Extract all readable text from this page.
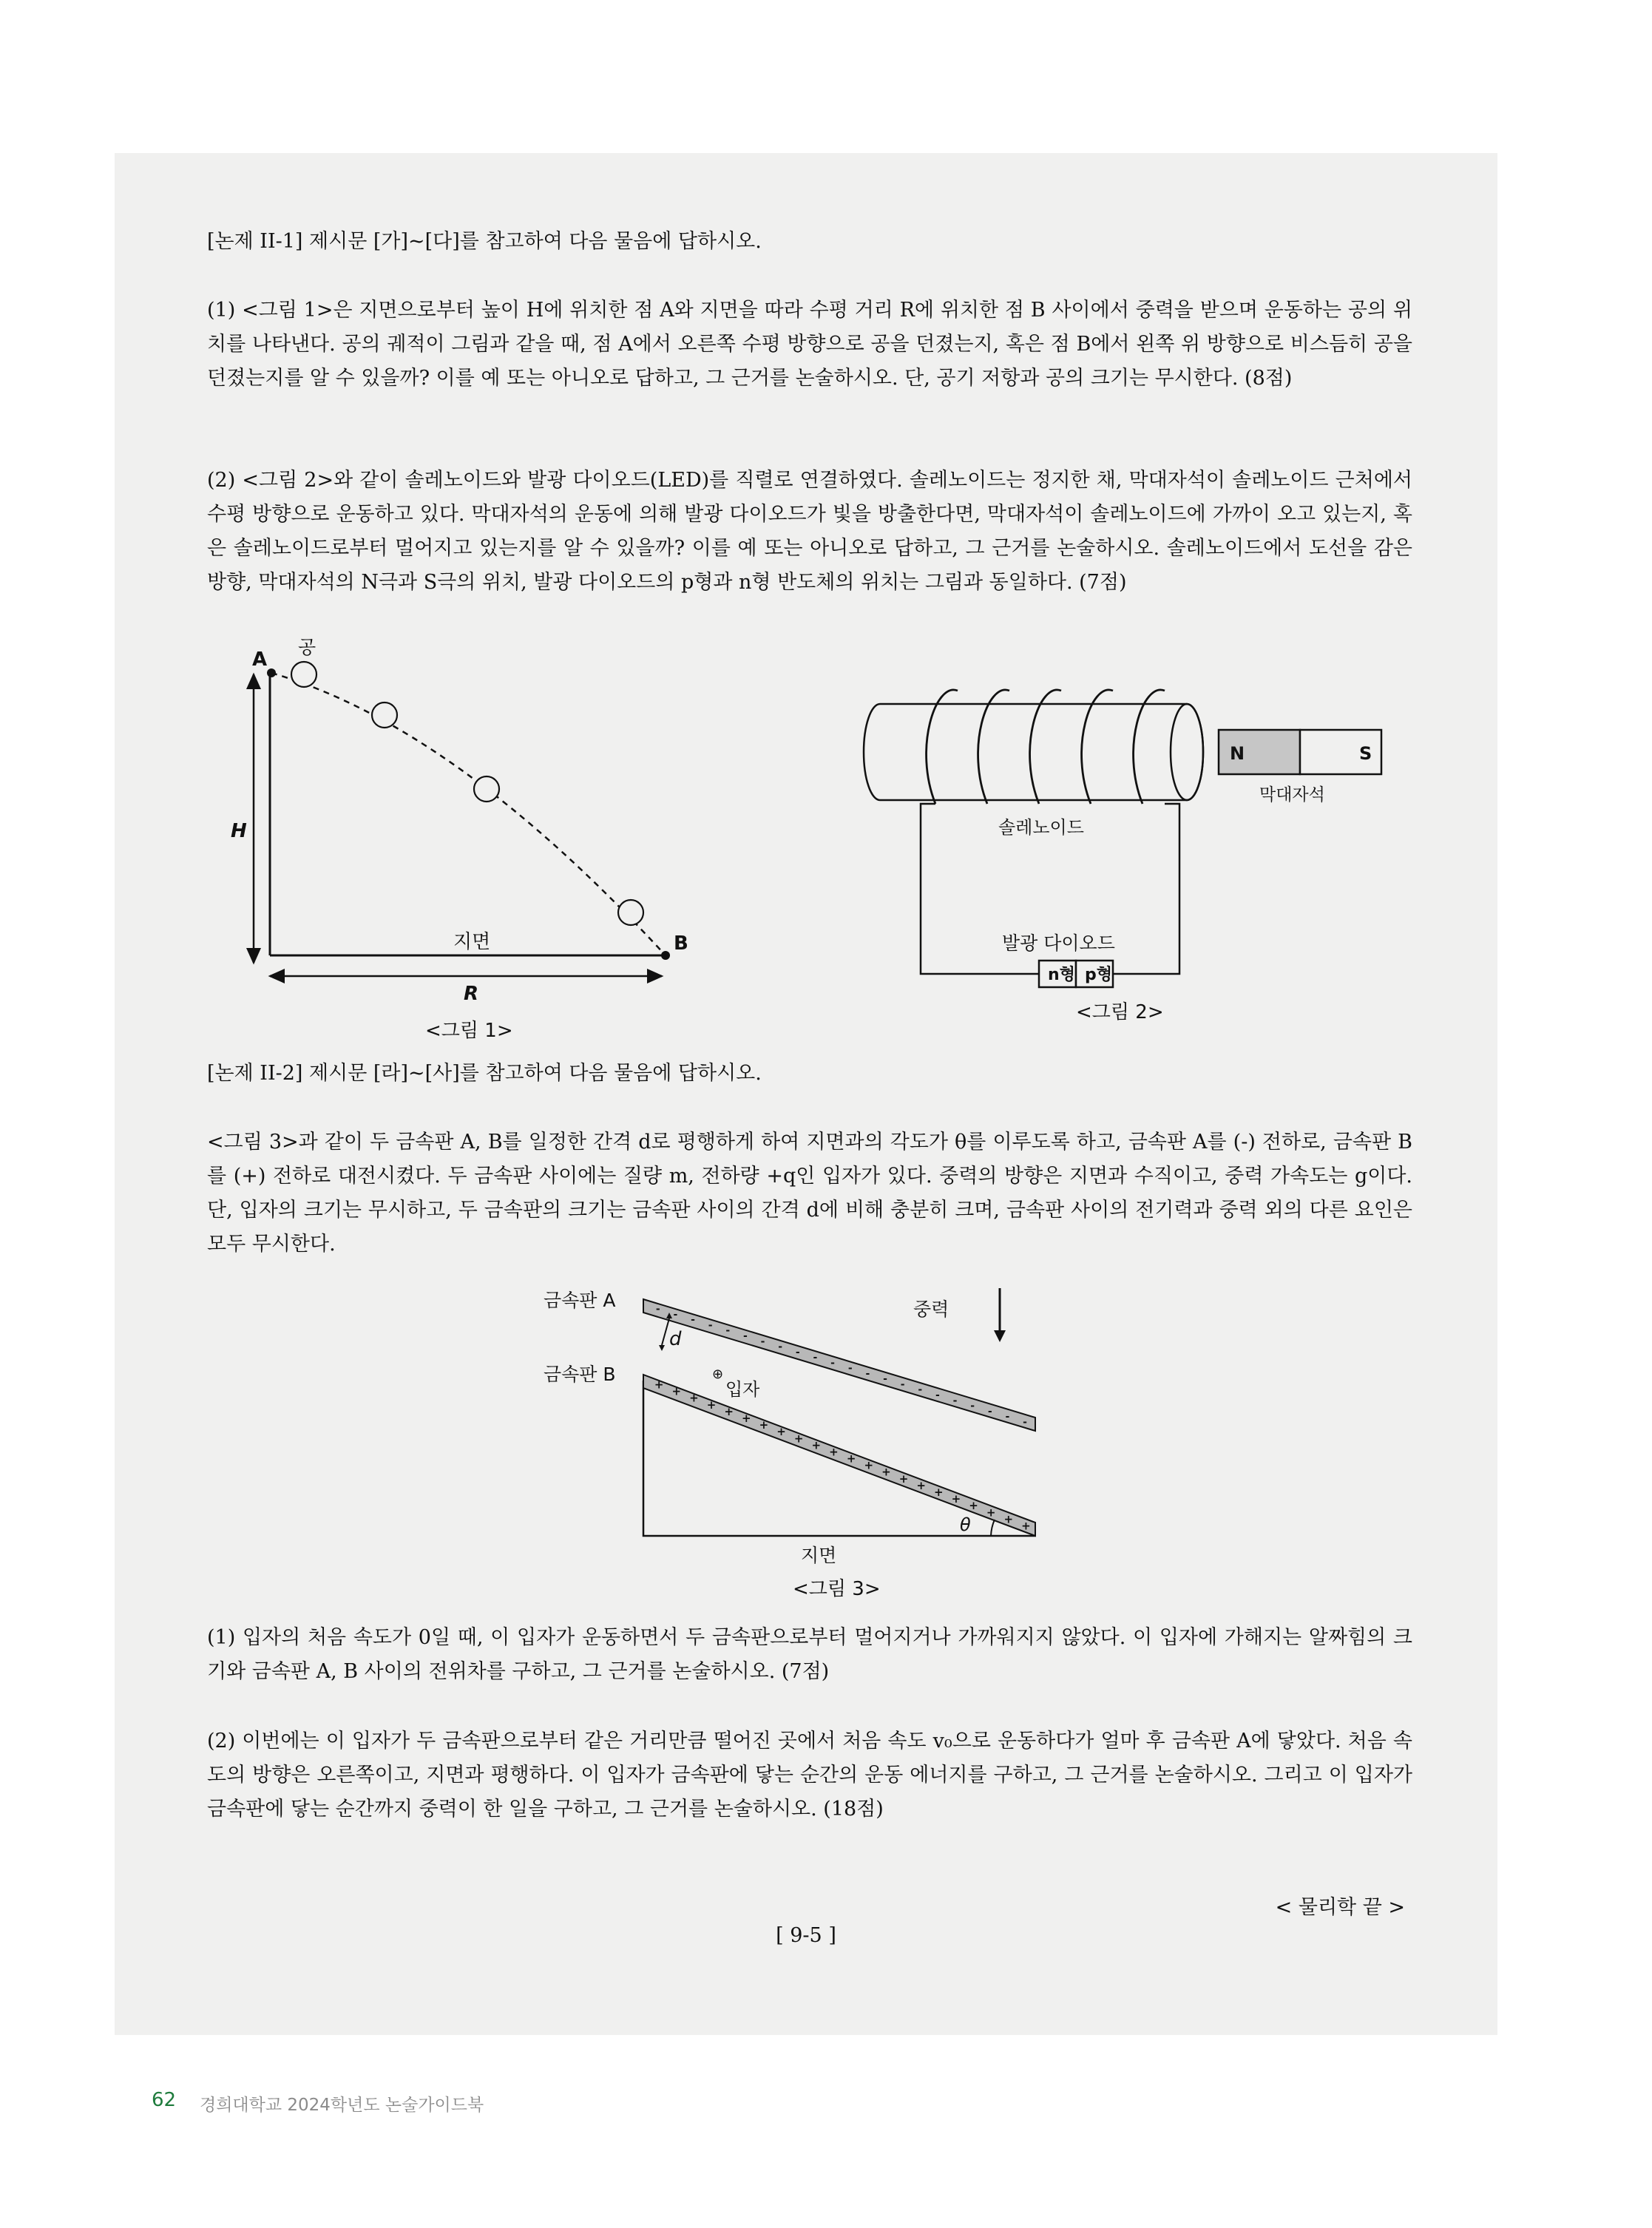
[논제 II-1] 제시문 [가]~[다]를 참고하여 다음 물음에 답하시오.
(1) <그림 1>은 지면으로부터 높이 H에 위치한 점 A와 지면을 따라 수평 거리 R에 위치한 점 B 사이에서 중력을 받으며 운동하는 공의 위치를 나타낸다. 공의 궤적이 그림과 같을 때, 점 A에서 오른쪽 수평 방향으로 공을 던졌는지, 혹은 점 B에서 왼쪽 위 방향으로 비스듬히 공을 던졌는지를 알 수 있을까? 이를 예 또는 아니오로 답하고, 그 근거를 논술하시오. 단, 공기 저항과 공의 크기는 무시한다. (8점)
(2) <그림 2>와 같이 솔레노이드와 발광 다이오드(LED)를 직렬로 연결하였다. 솔레노이드는 정지한 채, 막대자석이 솔레노이드 근처에서 수평 방향으로 운동하고 있다. 막대자석의 운동에 의해 발광 다이오드가 빛을 방출한다면, 막대자석이 솔레노이드에 가까이 오고 있는지, 혹은 솔레노이드로부터 멀어지고 있는지를 알 수 있을까? 이를 예 또는 아니오로 답하고, 그 근거를 논술하시오. 솔레노이드에서 도선을 감은 방향, 막대자석의 N극과 S극의 위치, 발광 다이오드의 p형과 n형 반도체의 위치는 그림과 동일하다. (7점)
A
공
H
지면	B
R
<그림 1>
n형 p형
발광 다이오드
솔레노이드
N	S
막대자석
<그림 2>
[논제 II-2] 제시문 [라]~[사]를 참고하여 다음 물음에 답하시오.
<그림 3>과 같이 두 금속판 A, B를 일정한 간격 d로 평행하게 하여 지면과의 각도가 θ를 이루도록 하고, 금속판 A를 (-) 전하로, 금속판 B를 (+) 전하로 대전시켰다. 두 금속판 사이에는 질량 m, 전하량 +q인 입자가 있다. 중력의 방향은 지면과 수직이고, 중력 가속도는 g이다. 단, 입자의 크기는 무시하고, 두 금속판의 크기는 금속판 사이의 간격 d에 비해 충분히 크며, 금속판 사이의 전기력과 중력 외의 다른 요인은 모두 무시한다.
- - - - - - - - - - - - - - - - - - - - - -
+
+
+
+
+
+
+
+
+
+
+
+
+
+
+
+
+
+
+
+
+
+
d
⊕
입자
중력
θ
금속판 A
금속판 B
지면
<그림 3>
(1) 입자의 처음 속도가 0일 때, 이 입자가 운동하면서 두 금속판으로부터 멀어지거나 가까워지지 않았다. 이 입자에 가해지는 알짜힘의 크기와 금속판 A, B 사이의 전위차를 구하고, 그 근거를 논술하시오. (7점)
(2) 이번에는 이 입자가 두 금속판으로부터 같은 거리만큼 떨어진 곳에서 처음 속도 v₀으로 운동하다가 얼마 후 금속판 A에 닿았다. 처음 속도의 방향은 오른쪽이고, 지면과 평행하다. 이 입자가 금속판에 닿는 순간의 운동 에너지를 구하고, 그 근거를 논술하시오. 그리고 이 입자가 금속판에 닿는 순간까지 중력이 한 일을 구하고, 그 근거를 논술하시오. (18점)
< 물리학 끝 >
[ 9-5 ]
62 경희대학교 2024학년도 논술가이드북
